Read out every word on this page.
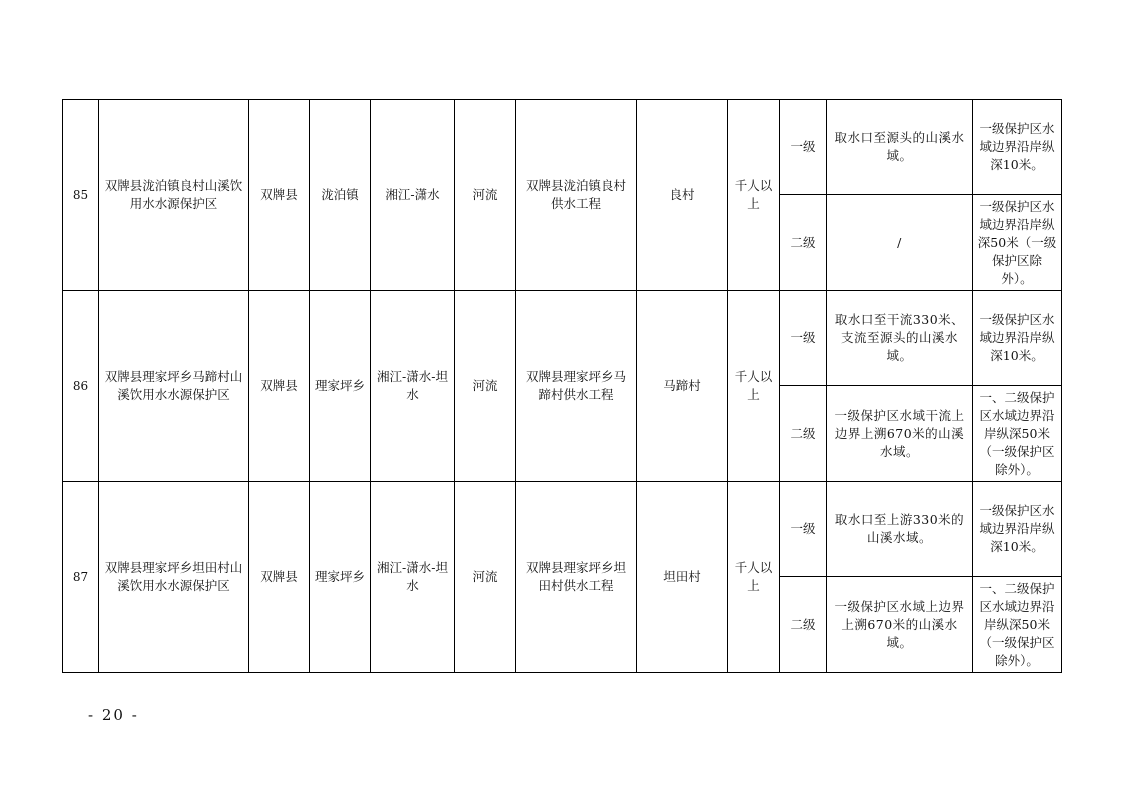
85	双牌县泷泊镇良村山溪饮用水水源保护区	双牌县	泷泊镇	湘江-潇水	河流	双牌县泷泊镇良村供水工程	良村	千人以上	一级	取水口至源头的山溪水域。	一级保护区水域边界沿岸纵深10米。
									二级	/	一级保护区水域边界沿岸纵深50米（一级保护区除外）。
86	双牌县理家坪乡马蹄村山溪饮用水水源保护区	双牌县	理家坪乡	湘江-潇水-坦水	河流	双牌县理家坪乡马蹄村供水工程	马蹄村	千人以上	一级	取水口至干流330米、支流至源头的山溪水域。	一级保护区水域边界沿岸纵深10米。
									二级	一级保护区水域干流上边界上溯670米的山溪水域。	一、二级保护区水域边界沿岸纵深50米（一级保护区除外）。
87	双牌县理家坪乡坦田村山溪饮用水水源保护区	双牌县	理家坪乡	湘江-潇水-坦水	河流	双牌县理家坪乡坦田村供水工程	坦田村	千人以上	一级	取水口至上游330米的山溪水域。	一级保护区水域边界沿岸纵深10米。
									二级	一级保护区水域上边界上溯670米的山溪水域。	一、二级保护区水域边界沿岸纵深50米（一级保护区除外）。
- 20 -
